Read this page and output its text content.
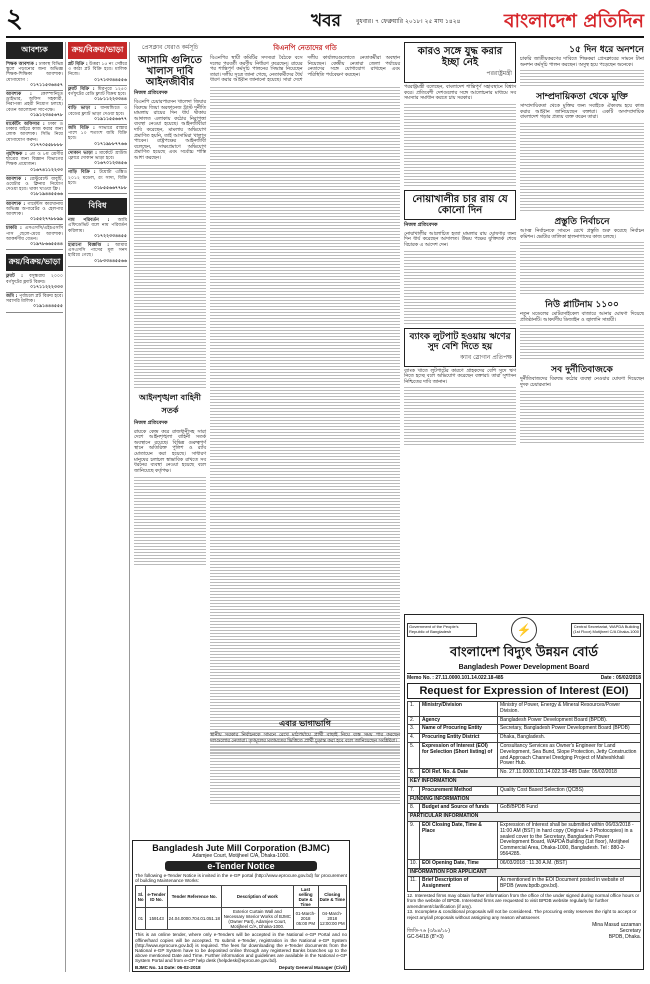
২	খবর	বুধবার। ৭ ফেব্রুয়ারি ২০১৮। ২৫ মাঘ ১৪২৪ বাংলাদেশ প্রতিদিন
আবশ্যক
শিক্ষক আবশ্যক : ঢাকাস্থ বিভিন্ন স্কুলে পড়ানোর জন্য অভিজ্ঞ শিক্ষক-শিক্ষিকা আবশ্যক। যোগাযোগ :
০১৭১১৫৩৬৪৫৭
আবশ্যক : কোম্পানিতে ড্রাইভার, অফিস সহকারী, নিরাপত্তা প্রহরী নিয়োগ চলছে। বেতন আলোচনা সাপেক্ষে।
০১৯১২৩৪৫৬৭৮
মার্কেটিং অফিসার : ঢাকা ও ঢাকার বাইরে কাজ করার জন্য লোক আবশ্যক। সিভি নিয়ে যোগাযোগ করুন।
০১৭৭০৫৫৮৮৮৮
গৃহশিক্ষক : ৫ম ও ৮ম শ্রেণীর ছাত্রের জন্য বিজ্ঞান বিভাগের শিক্ষক প্রয়োজন।
০১৬৭৪১১২২৩৩
আবশ্যক : রেস্টুরেন্টে বাবুর্চি, ওয়েটার ও ক্লিনার নিয়োগ দেওয়া হবে। থাকা খাওয়া ফ্রি।
০১৮১৯৪৪৫৫৬৬
আবশ্যক : গার্মেন্টস কারখানায় অভিজ্ঞ অপারেটর ও হেলপার আবশ্যক।
০১৫৫২৭৭৮৮৯৯
চাকরি : এসএসসি/এইচএসসি পাস ছেলে-মেয়ে আবশ্যক। আকর্ষণীয় বেতন।
০১৯৭৮৬৬৫৫৪৪
ক্রয়/বিক্রয়/ভাড়া
ফ্ল্যাট : বসুন্ধরায় ২০০০ বর্গফুটের ফ্ল্যাট বিক্রয়।
০১৭১১২২২৩৩৩
জমি : পূর্বাচলে প্লট বিক্রয় হবে। সরাসরি মালিক।
০১৯১৪৪৪৫৫৫
ক্রয়/বিক্রয়/ভাড়া
প্লট বিক্রি : উত্তরা ১৫ নং সেক্টরে ৩ কাঠা প্লট বিক্রি হবে। মালিক নিজে।
০১৭১৩৩৪৪৫৫৬
ফ্ল্যাট বিক্রি : মিরপুরে ১২৫০ বর্গফুটের রেডি ফ্ল্যাট বিক্রয় হবে।
০১৮১১২২৩৩৪৪
বাড়ি ভাড়া : ধানমন্ডিতে ৩ বেডের ফ্ল্যাট ভাড়া দেওয়া হবে।
০১৯১১৫৫৬৬৭৭
জমি বিক্রি : সাভারে রাস্তার পাশে ১০ শতাংশ জমি বিক্রি হবে।
০১৭১৯৮৮৭৭৬৬
দোকান ভাড়া : মার্কেটে গ্রাউন্ড ফ্লোরে দোকান ভাড়া হবে।
০১৬৭০১২৩৪৫৬
গাড়ি বিক্রি : টয়োটা এক্সিও ২০১২ মডেল, রং সাদা, বিক্রি হবে।
০১৮৫৫৬৬৭৭৮৮
বিবিধ
নাম পরিবর্তন : আমি এফিডেভিট বলে নাম পরিবর্তন করিলাম।
০১৭২২৩৩৪৪৫৫
হারানো বিজ্ঞপ্তি : আমার এসএসসি পাসের মূল সনদ হারিয়ে গেছে।
০১৮৩৩৪৪৫৫৬৬
প্রেসক্লাব ঘেরাও কর্মসূচি
আসামি গুলিতে খালাস দাবি আইনজীবীর
নিজস্ব প্রতিবেদক
বিএনপি চেয়ারপারসন খালেদা জিয়ার বিরুদ্ধে জিয়া অরফানেজ ট্রাস্ট দুর্নীতি মামলায় রায়ের দিন ধার্য থাকায় আদালত এলাকায় কঠোর নিরাপত্তা ব্যবস্থা নেওয়া হয়েছে। আইনজীবীরা দাবি করেছেন, মামলায় অভিযোগ প্রমাণিত হয়নি, তাই আসামিরা খালাস পাবেন। রাষ্ট্রপক্ষের আইনজীবী বলেছেন, সাক্ষ্যপ্রমাণে অভিযোগ প্রমাণিত হয়েছে এবং সর্বোচ্চ শাস্তি আশা করছেন।
আইনশৃঙ্খলা বাহিনী সতর্ক
নিজস্ব প্রতিবেদক
রায়কে কেন্দ্র করে রাজধানীসহ সারা দেশে আইনশৃঙ্খলা বাহিনী সতর্ক অবস্থানে রয়েছে। বিভিন্ন গুরুত্বপূর্ণ স্থানে অতিরিক্ত পুলিশ ও র‍্যাব মোতায়েন করা হয়েছে। সাধারণ মানুষের চলাচল স্বাভাবিক রাখতে সব ধরনের ব্যবস্থা নেওয়া হয়েছে বলে জানিয়েছে কর্তৃপক্ষ।
বিএনপি নেতাদের গতি
বিএনপির স্থায়ী কমিটির সদস্যরা বৈঠকে বসে দলের পরবর্তী করণীয় নির্ধারণ করেছেন। রায়ের পর শান্তিপূর্ণ কর্মসূচি পালনের সিদ্ধান্ত নিয়েছেন তারা। দলীয় সূত্রে জানা গেছে, নেতাকর্মীদের ধৈর্য ধারণ করার আহ্বান জানানো হয়েছে। সারা দেশে দলীয় কার্যালয়গুলোতে নেতাকর্মীরা অবস্থান নিয়েছেন। কেন্দ্রীয় নেতারা জেলা পর্যায়ের নেতাদের সঙ্গে যোগাযোগ রাখছেন এবং পরিস্থিতি পর্যবেক্ষণ করছেন।
এবার ভাগাভাগি
স্থানীয় সরকার নির্বাচনকে সামনে রেখে মাঠপর্যায়ে প্রার্থী বাছাই নিয়ে ব্যস্ত সময় পার করছেন দলগুলোর নেতারা। তৃণমূলের মতামতের ভিত্তিতে প্রার্থী চূড়ান্ত করা হবে বলে জানিয়েছেন সংশ্লিষ্টরা।
Bangladesh Jute Mill Corporation (BJMC)
Adamjee Court, Motijheel C/A, Dhaka-1000.
e-Tender Notice
The following e-Tender Notice is invited in the e-GP portal (http://www.eprocure.gov.bd) for procurement of building Maintenance Works:
Sl. No	e-Tender ID No.	Tender Reference No.	Description of work	Last selling Date & Time	Closing Date & Time
01	159143	24.04.0000.704.01.051.18	Exterior Curtain Wall and Necessary Interior Works of BJMC (Owner Part), Adamjee Court, Motijheel C/A, Dhaka-1000.	01-March-2018 05:00 PM	04-March-2018 12:00:00 PM
This is an online tender, where only e-Tenders will be accepted in the National e-GP Portal and no offline/hard copies will be accepted. To submit e-Tender, registration in the National e-GP System (http://www.eprocure.gov.bd) is required. The fees for downloading the e-Tender documents from the National e-GP System have to be deposited online through any registered Banks branches up to the above mentioned Date and Time. Further information and guidelines are available in the National e-GP System Portal and from e-GP help desk (helpdesk@eprocure.gov.bd).
BJMC No. 14 Date: 06-02-2018	Deputy General Manager (Civil)
কারও সঙ্গে যুদ্ধ করার ইচ্ছা নেই
পররাষ্ট্রমন্ত্রী
পররাষ্ট্রমন্ত্রী বলেছেন, বাংলাদেশ শান্তিপূর্ণ সহাবস্থানে বিশ্বাস করে। প্রতিবেশী দেশগুলোর সঙ্গে আলোচনার মাধ্যমে সব সমস্যার সমাধান করতে চায় সরকার।
নোয়াখালীর চার রায় যে কোনো দিন
নিজস্ব প্রতিবেদক
নোয়াখালীর আলোচিত হত্যা মামলার রায় ঘোষণার জন্য দিন ধার্য করেছেন আদালত। উভয় পক্ষের যুক্তিতর্ক শেষে বিচারক এ আদেশ দেন।
ব্যাংক লুটপাট হওয়ায় ঋণের সুদ বেশি দিতে হয়
ক্যাব স্লোগান প্রতিপক্ষ
ব্যাংক খাতে লুটপাটের কারণে গ্রাহকদের বেশি সুদে ঋণ নিতে হচ্ছে বলে অভিযোগ করেছেন বক্তারা। তারা সুশাসন নিশ্চিতের দাবি জানান।
১৫ দিন ধরে অনশনে
চাকরি জাতীয়করণের দাবিতে শিক্ষকরা প্রেসক্লাবের সামনে টানা অনশন কর্মসূচি পালন করছেন। অসুস্থ হয়ে পড়েছেন অনেকে।
সাম্প্রদায়িকতা থেকে মুক্তি
সাম্প্রদায়িকতা থেকে মুক্তির জন্য সবাইকে ঐক্যবদ্ধ হয়ে কাজ করার আহ্বান জানিয়েছেন বক্তারা। একটি অসাম্প্রদায়িক বাংলাদেশ গড়ার প্রত্যয় ব্যক্ত করেন তারা।
প্রস্তুতি নির্বাচনে
আসন্ন নির্বাচনকে সামনে রেখে প্রস্তুতি শুরু করেছে নির্বাচন কমিশন। ভোটার তালিকা হালনাগাদের কাজ চলছে।
নিউ প্লাটিনাম ১১০০
নতুন মডেলের মোটরসাইকেল বাজারে আনার ঘোষণা দিয়েছে প্রতিষ্ঠানটি। আকর্ষণীয় ডিজাইন ও জ্বালানি সাশ্রয়ী।
সব দুর্নীতিবাজকে
দুর্নীতিবাজদের বিরুদ্ধে কঠোর ব্যবস্থা নেওয়ার ঘোষণা দিয়েছেন দুদক চেয়ারম্যান।
Government of the People's Republic of Bangladesh	⚡	Central Secretariat, WAPDA Building (1st Floor) Motijheel C/A Dhaka-1000
বাংলাদেশ বিদ্যুৎ উন্নয়ন বোর্ড
Bangladesh Power Development Board
Memo No. : 27.11.0000.101.14.022.18-485	Date : 05/02/2018
Request for Expression of Interest (EOI)
1.	Ministry/Division	Ministry of Power, Energy & Mineral Resources/Power Division.
2.	Agency	Bangladesh Power Development Board (BPDB).
3.	Name of Procuring Entity	Secretary, Bangladesh Power Development Board (BPDB)
4.	Procuring Entity District	Dhaka, Bangladesh.
5.	Expression of Interest (EOI) for Selection (Short listing) of	Consultancy Services as Owner's Engineer for Land Development, Sea Bund, Slope Protection, Jetty Construction and Approach Channel Dredging Project of Maheshkhali Power Hub.
6.	EOI Ref. No. & Date	No. 27.11.0000.101.14.022.18-485 Date: 05/02/2018
KEY INFORMATION		
7.	Procurement Method	Quality Cost Based Selection (QCBS)
FUNDING INFORMATION		
8.	Budget and Source of funds	GoB/BPDB Fund
PARTICULAR INFORMATION		
9.	EOI Closing Date, Time & Place	Expression of Interest shall be submitted within 06/03/2018 - 11:00 AM (BST) in hard copy (Original + 3 Photocopies) in a sealed cover to the Secretary, Bangladesh Power Development Board, WAPDA Building (1st floor), Motijheel Commercial Area, Dhaka-1000, Bangladesh. Tel : 880-2-9564285.
10.	EOI Opening Date, Time	06/03/2018 : 11.30 A.M. (BST)
INFORMATION FOR APPLICANT		
11.	Brief Description of Assignment	As mentioned in the EOI Document posted in website of BPDB (www.bpdb.gov.bd).
12. Interested firms may obtain further information from the office of the under signed during normal office hours or from the website of BPDB. Interested firms are requested to visit BPDB website regularly for further amendment/clarification (if any).
13. Incomplete & conditional proposals will not be considered. The procuring entity reserves the right to accept or reject any/all proposals without assigning any reason whatsoever.
জিডি-৭৬ (৩/৯৪/১৮)
GC-54/18 (8"×3)
Mina Masud uzzaman
Secretary
BPDB, Dhaka.
